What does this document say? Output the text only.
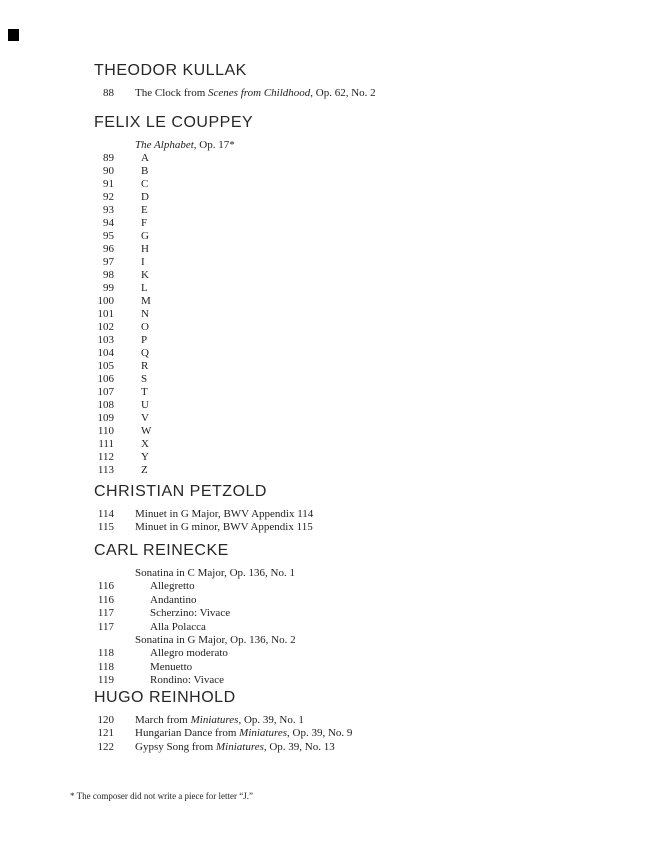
THEODOR KULLAK
88 The Clock from Scenes from Childhood, Op. 62, No. 2
FELIX LE COUPPEY
The Alphabet, Op. 17*
89 A
90 B
91 C
92 D
93 E
94 F
95 G
96 H
97 I
98 K
99 L
100 M
101 N
102 O
103 P
104 Q
105 R
106 S
107 T
108 U
109 V
110 W
111 X
112 Y
113 Z
CHRISTIAN PETZOLD
114 Minuet in G Major, BWV Appendix 114
115 Minuet in G minor, BWV Appendix 115
CARL REINECKE
Sonatina in C Major, Op. 136, No. 1
116	Allegretto
116	Andantino
117	Scherzino: Vivace
117	Alla Polacca
Sonatina in G Major, Op. 136, No. 2
118	Allegro moderato
118	Menuetto
119	Rondino: Vivace
HUGO REINHOLD
120 March from Miniatures, Op. 39, No. 1
121 Hungarian Dance from Miniatures, Op. 39, No. 9
122 Gypsy Song from Miniatures, Op. 39, No. 13
* The composer did not write a piece for letter “J.”
